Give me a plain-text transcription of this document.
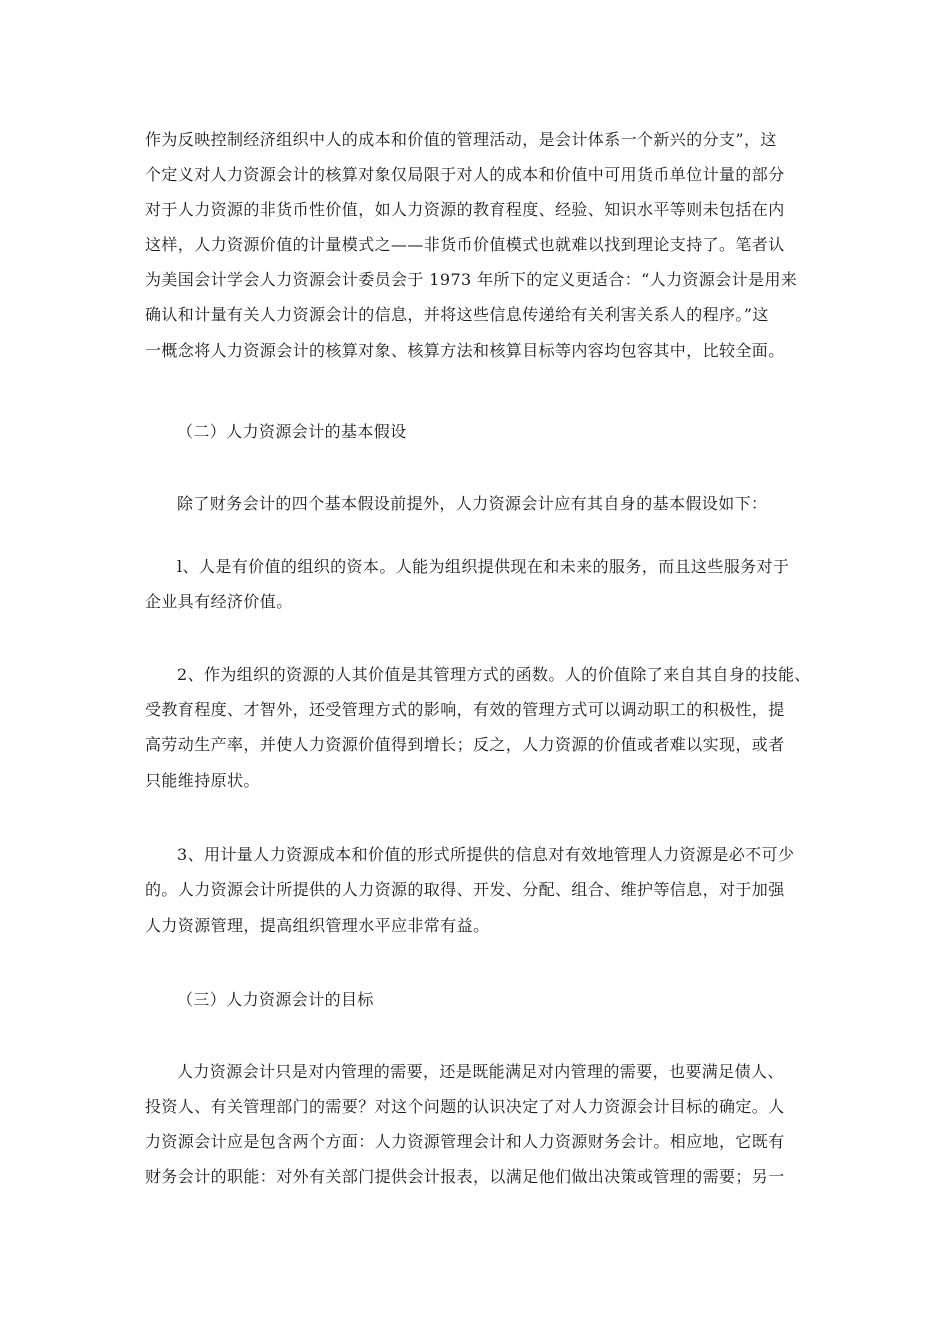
作为反映控制经济组织中人的成本和价值的管理活动，是会计体系一个新兴的分支”，这
个定义对人力资源会计的核算对象仅局限于对人的成本和价值中可用货币单位计量的部分
对于人力资源的非货币性价值，如人力资源的教育程度、经验、知识水平等则未包括在内
这样，人力资源价值的计量模式之——非货币价值模式也就难以找到理论支持了。笔者认
为美国会计学会人力资源会计委员会于 1973 年所下的定义更适合：“人力资源会计是用来
确认和计量有关人力资源会计的信息，并将这些信息传递给有关利害关系人的程序。”这
一概念将人力资源会计的核算对象、核算方法和核算目标等内容均包容其中，比较全面。
（二）人力资源会计的基本假设
除了财务会计的四个基本假设前提外，人力资源会计应有其自身的基本假设如下：
l、人是有价值的组织的资本。人能为组织提供现在和未来的服务，而且这些服务对于
企业具有经济价值。
2、作为组织的资源的人其价值是其管理方式的函数。人的价值除了来自其自身的技能、
受教育程度、才智外，还受管理方式的影响，有效的管理方式可以调动职工的积极性，提
高劳动生产率，并使人力资源价值得到增长；反之，人力资源的价值或者难以实现，或者
只能维持原状。
3、用计量人力资源成本和价值的形式所提供的信息对有效地管理人力资源是必不可少
的。人力资源会计所提供的人力资源的取得、开发、分配、组合、维护等信息，对于加强
人力资源管理，提高组织管理水平应非常有益。
（三）人力资源会计的目标
人力资源会计只是对内管理的需要，还是既能满足对内管理的需要，也要满足债人、
投资人、有关管理部门的需要？对这个问题的认识决定了对人力资源会计目标的确定。人
力资源会计应是包含两个方面：人力资源管理会计和人力资源财务会计。相应地，它既有
财务会计的职能：对外有关部门提供会计报表，以满足他们做出决策或管理的需要；另一
